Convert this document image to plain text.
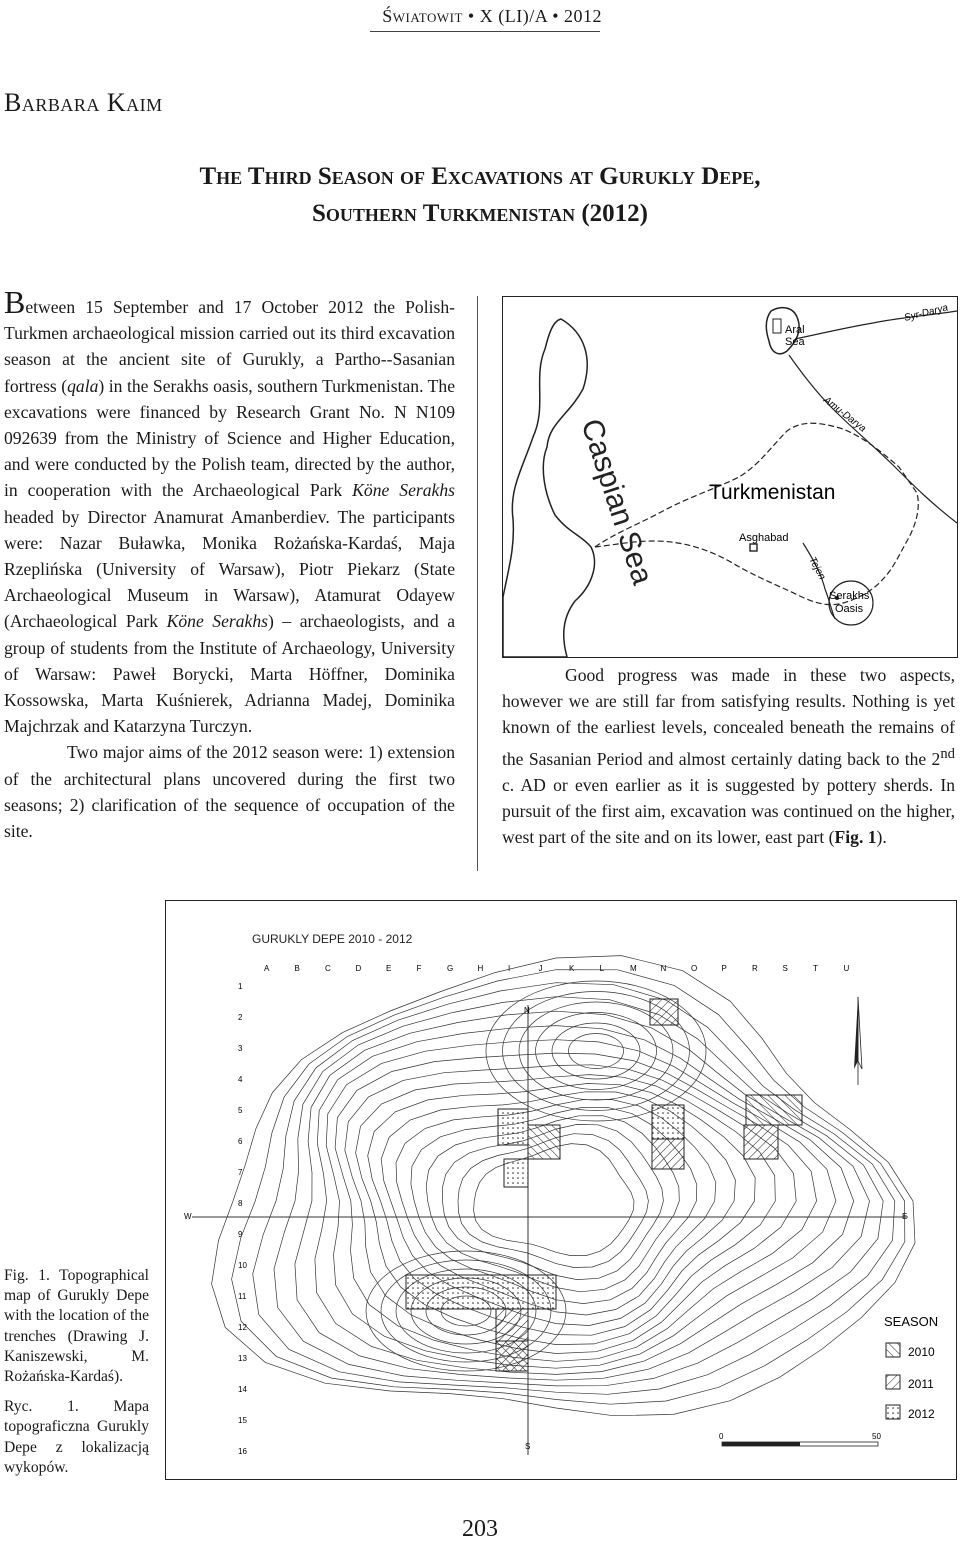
Światowit • X (LI)/A • 2012
Barbara Kaim
The Third Season of Excavations at Gurukly Depe,
Southern Turkmenistan (2012)

Between 15 September and 17 October 2012 the Polish-Turkmen archaeological mission carried out its third excavation season at the ancient site of Gurukly, a Partho--Sasanian fortress (qala) in the Serakhs oasis, southern Turkmenistan. The excavations were financed by Research Grant No. N N109 092639 from the Ministry of Science and Higher Education, and were conducted by the Polish team, directed by the author, in cooperation with the Archaeological Park Köne Serakhs headed by Director Anamurat Amanberdiev. The participants were: Nazar Buławka, Monika Rożańska-Kardaś, Maja Rzeplińska (University of Warsaw), Piotr Piekarz (State Archaeological Museum in Warsaw), Atamurat Odayew (Archaeological Park Köne Serakhs) – archaeologists, and a group of students from the Institute of Archaeology, University of Warsaw: Paweł Borycki, Marta Höffner, Dominika Kossowska, Marta Kuśnierek, Adrianna Madej, Dominika Majchrzak and Katarzyna Turczyn.

Two major aims of the 2012 season were: 1) extension of the architectural plans uncovered during the first two seasons; 2) clarification of the sequence of occupation of the site.

Caspian Sea
Aral
Sea
Syr-Darya
Amu-Darya
Turkmenistan
Asghabad
Tejen
Serakhs
Oasis

Good progress was made in these two aspects, however we are still far from satisfying results. Nothing is yet known of the earliest levels, concealed beneath the remains of the Sasanian Period and almost certainly dating back to the 2nd c. AD or even earlier as it is suggested by pottery sherds. In pursuit of the first aim, excavation was continued on the higher, west part of the site and on its lower, east part (Fig. 1).

GURUKLY DEPE 2010 - 2012
A	B	C	D	E	F	G	H	I	J	K	L	M	N	O	P	R	S	T	U
1
2
3
4
5
6
7
8
9
10
11
12
13
14
15
16
N
S
W	E
SEASON
2010
2011
2012
0	50

Fig. 1. Topographical map of Gurukly Depe with the location of the trenches (Drawing J. Kaniszewski, M. Rożańska-Kardaś).

Ryc. 1. Mapa topograficzna Gurukly Depe z lokalizacją wykopów.

203
